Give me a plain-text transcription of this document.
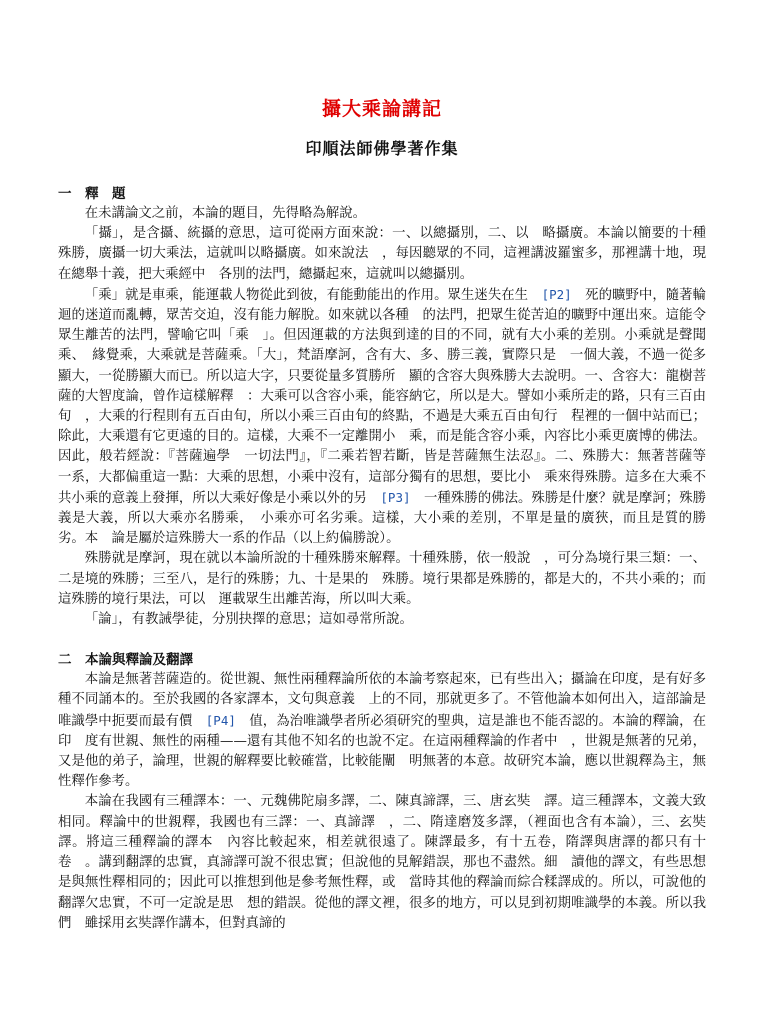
攝大乘論講記
印順法師佛學著作集
一　釋　題

在未講論文之前，本論的題目，先得略為解說。

「攝」，是含攝、統攝的意思，這可從兩方面來說：一、以總攝別，二、以　略攝廣。本論以簡要的十種殊勝，廣攝一切大乘法，這就叫以略攝廣。如來說法　，每因聽眾的不同，這裡講波羅蜜多，那裡講十地，現在總舉十義，把大乘經中　各別的法門，總攝起來，這就叫以總攝別。

「乘」就是車乘，能運載人物從此到彼，有能動能出的作用。眾生迷失在生　[P2]　死的曠野中，隨著輪迴的迷道而亂轉，眾苦交迫，沒有能力解脫。如來就以各種　的法門，把眾生從苦迫的曠野中運出來。這能令眾生離苦的法門，譬喻它叫「乘　」。但因運載的方法與到達的目的不同，就有大小乘的差別。小乘就是聲聞乘、　緣覺乘，大乘就是菩薩乘。「大」，梵語摩訶，含有大、多、勝三義，實際只是　一個大義，不過一從多顯大，一從勝顯大而已。所以這大字，只要從量多質勝所　顯的含容大與殊勝大去說明。一、含容大：龍樹菩薩的大智度論，曾作這樣解釋　：大乘可以含容小乘，能容納它，所以是大。譬如小乘所走的路，只有三百由旬　，大乘的行程則有五百由旬，所以小乘三百由旬的終點，不過是大乘五百由旬行　程裡的一個中站而已；除此，大乘還有它更遠的目的。這樣，大乘不一定離開小　乘，而是能含容小乘，內容比小乘更廣博的佛法。因此，般若經說：『菩薩遍學　一切法門』，『二乘若智若斷，皆是菩薩無生法忍』。二、殊勝大：無著菩薩等　一系，大都偏重這一點：大乘的思想，小乘中沒有，這部分獨有的思想，要比小　乘來得殊勝。這多在大乘不共小乘的意義上發揮，所以大乘好像是小乘以外的另　[P3]　一種殊勝的佛法。殊勝是什麼？就是摩訶；殊勝義是大義，所以大乘亦名勝乘，　小乘亦可名劣乘。這樣，大小乘的差別，不單是量的廣狹，而且是質的勝劣。本　論是屬於這殊勝大一系的作品（以上約偏勝說）。

殊勝就是摩訶，現在就以本論所說的十種殊勝來解釋。十種殊勝，依一般說　，可分為境行果三類：一、二是境的殊勝；三至八，是行的殊勝；九、十是果的　殊勝。境行果都是殊勝的，都是大的，不共小乘的；而這殊勝的境行果法，可以　運載眾生出離苦海，所以叫大乘。

「論」，有教誡學徒，分別抉擇的意思；這如尋常所說。

二　本論與釋論及翻譯

本論是無著菩薩造的。從世親、無性兩種釋論所依的本論考察起來，已有些出入；攝論在印度，是有好多種不同誦本的。至於我國的各家譯本，文句與意義　上的不同，那就更多了。不管他論本如何出入，這部論是唯識學中扼要而最有價　[P4]　值，為治唯識學者所必須研究的聖典，這是誰也不能否認的。本論的釋論，在印　度有世親、無性的兩種——還有其他不知名的也說不定。在這兩種釋論的作者中　，世親是無著的兄弟，又是他的弟子，論理，世親的解釋要比較確當，比較能闡　明無著的本意。故研究本論，應以世親釋為主，無性釋作參考。

本論在我國有三種譯本：一、元魏佛陀扇多譯，二、陳真諦譯，三、唐玄奘　譯。這三種譯本，文義大致相同。釋論中的世親釋，我國也有三譯：一、真諦譯　，二、隋達磨笈多譯，（裡面也含有本論），三、玄奘譯。將這三種釋論的譯本　內容比較起來，相差就很遠了。陳譯最多，有十五卷，隋譯與唐譯的都只有十卷　。講到翻譯的忠實，真諦譯可說不很忠實；但說他的見解錯誤，那也不盡然。細　讀他的譯文，有些思想是與無性釋相同的；因此可以推想到他是參考無性釋，或　當時其他的釋論而綜合糅譯成的。所以，可說他的翻譯欠忠實，不可一定說是思　想的錯誤。從他的譯文裡，很多的地方，可以見到初期唯識學的本義。所以我們　雖採用玄奘譯作講本，但對真諦的
